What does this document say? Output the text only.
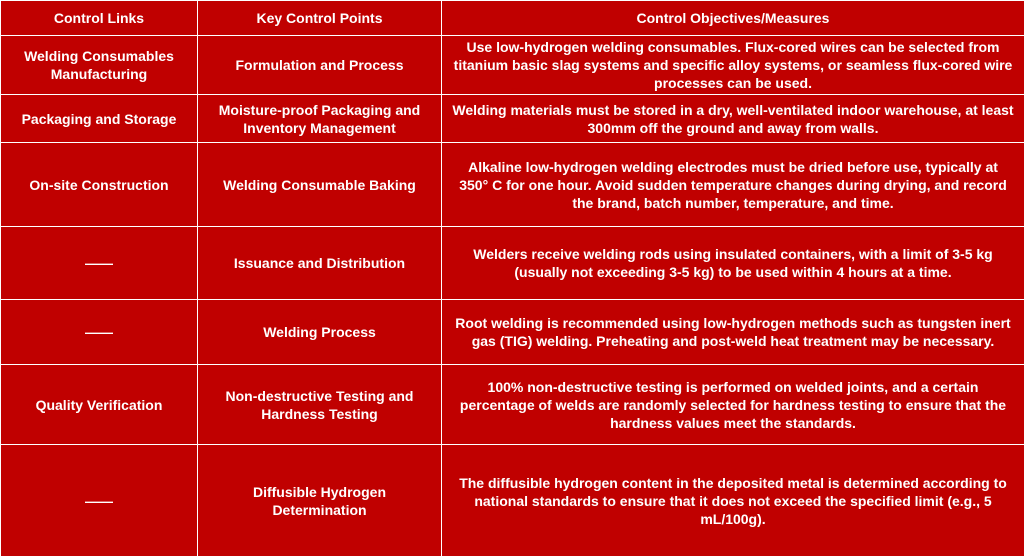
Control Links	Key Control Points	Control Objectives/Measures
Welding Consumables Manufacturing	Formulation and Process	Use low-hydrogen welding consumables. Flux-cored wires can be selected from titanium basic slag systems and specific alloy systems, or seamless flux-cored wire processes can be used.
Packaging and Storage	Moisture-proof Packaging and Inventory Management	Welding materials must be stored in a dry, well-ventilated indoor warehouse, at least 300mm off the ground and away from walls.
On-site Construction	Welding Consumable Baking	Alkaline low-hydrogen welding electrodes must be dried before use, typically at 350° C for one hour. Avoid sudden temperature changes during drying, and record the brand, batch number, temperature, and time.
——	Issuance and Distribution	Welders receive welding rods using insulated containers, with a limit of 3-5 kg (usually not exceeding 3-5 kg) to be used within 4 hours at a time.
——	Welding Process	Root welding is recommended using low-hydrogen methods such as tungsten inert gas (TIG) welding. Preheating and post-weld heat treatment may be necessary.
Quality Verification	Non-destructive Testing and Hardness Testing	100% non-destructive testing is performed on welded joints, and a certain percentage of welds are randomly selected for hardness testing to ensure that the hardness values meet the standards.
——	Diffusible Hydrogen Determination	The diffusible hydrogen content in the deposited metal is determined according to national standards to ensure that it does not exceed the specified limit (e.g., 5 mL/100g).
